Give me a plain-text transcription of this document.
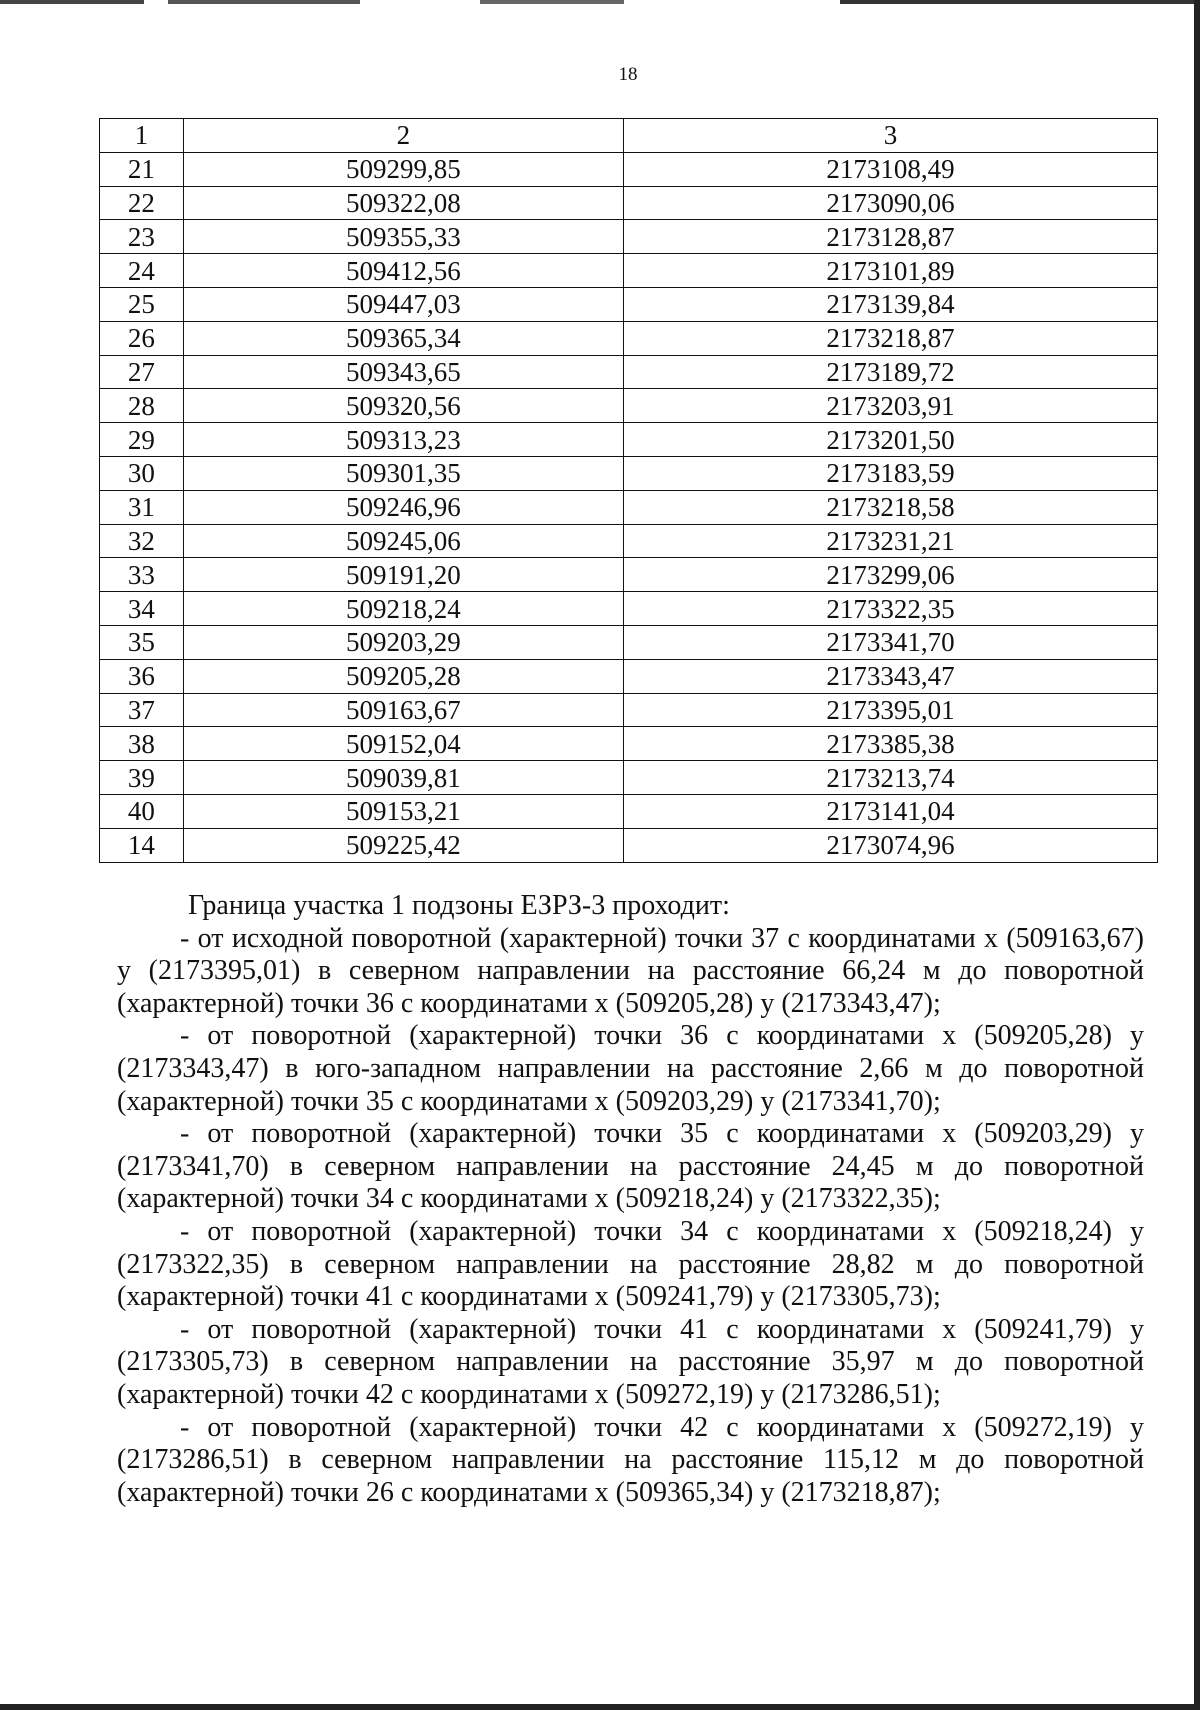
18
1	2	3
21	509299,85	2173108,49
22	509322,08	2173090,06
23	509355,33	2173128,87
24	509412,56	2173101,89
25	509447,03	2173139,84
26	509365,34	2173218,87
27	509343,65	2173189,72
28	509320,56	2173203,91
29	509313,23	2173201,50
30	509301,35	2173183,59
31	509246,96	2173218,58
32	509245,06	2173231,21
33	509191,20	2173299,06
34	509218,24	2173322,35
35	509203,29	2173341,70
36	509205,28	2173343,47
37	509163,67	2173395,01
38	509152,04	2173385,38
39	509039,81	2173213,74
40	509153,21	2173141,04
14	509225,42	2173074,96

Граница участка 1 подзоны ЕЗРЗ-3 проходит:

- от исходной поворотной (характерной) точки 37 с координатами x (509163,67) y (2173395,01) в северном направлении на расстояние 66,24 м до поворотной (характерной) точки 36 с координатами x (509205,28) y (2173343,47);

- от поворотной (характерной) точки 36 с координатами x (509205,28) y (2173343,47) в юго-западном направлении на расстояние 2,66 м до поворотной (характерной) точки 35 с координатами x (509203,29) y (2173341,70);

- от поворотной (характерной) точки 35 с координатами x (509203,29) y (2173341,70) в северном направлении на расстояние 24,45 м до поворотной (характерной) точки 34 с координатами x (509218,24) y (2173322,35);

- от поворотной (характерной) точки 34 с координатами x (509218,24) y (2173322,35) в северном направлении на расстояние 28,82 м до поворотной (характерной) точки 41 с координатами x (509241,79) y (2173305,73);

- от поворотной (характерной) точки 41 с координатами x (509241,79) y (2173305,73) в северном направлении на расстояние 35,97 м до поворотной (характерной) точки 42 с координатами x (509272,19) y (2173286,51);

- от поворотной (характерной) точки 42 с координатами x (509272,19) y (2173286,51) в северном направлении на расстояние 115,12 м до поворотной (характерной) точки 26 с координатами x (509365,34) y (2173218,87);
